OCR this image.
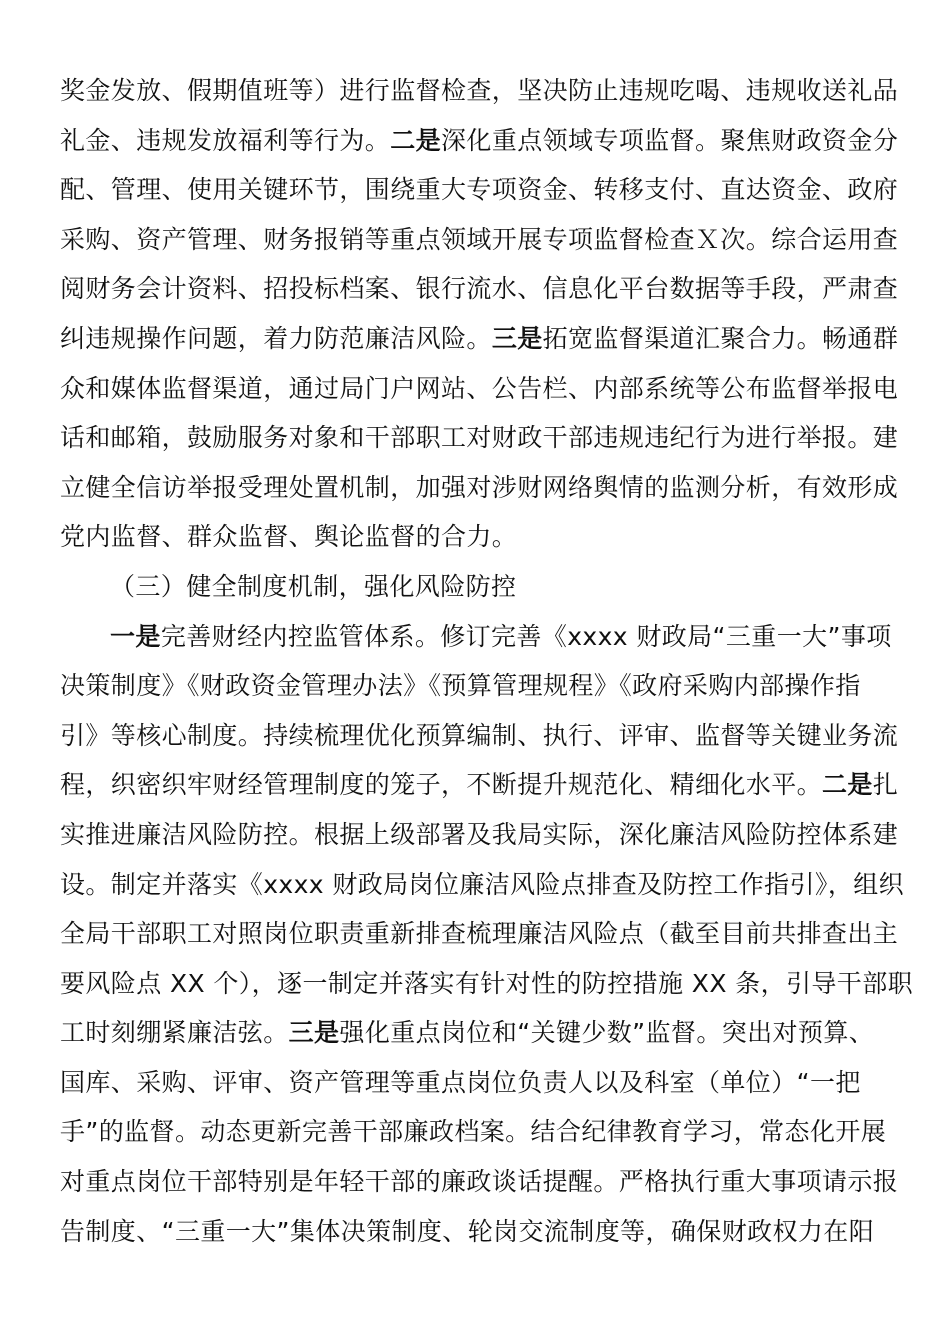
奖金发放、假期值班等）进行监督检查，坚决防止违规吃喝、违规收送礼品
礼金、违规发放福利等行为。二是深化重点领域专项监督。聚焦财政资金分
配、管理、使用关键环节，围绕重大专项资金、转移支付、直达资金、政府
采购、资产管理、财务报销等重点领域开展专项监督检查Ｘ次。综合运用查
阅财务会计资料、招投标档案、银行流水、信息化平台数据等手段，严肃查
纠违规操作问题，着力防范廉洁风险。三是拓宽监督渠道汇聚合力。畅通群
众和媒体监督渠道，通过局门户网站、公告栏、内部系统等公布监督举报电
话和邮箱，鼓励服务对象和干部职工对财政干部违规违纪行为进行举报。建
立健全信访举报受理处置机制，加强对涉财网络舆情的监测分析，有效形成
党内监督、群众监督、舆论监督的合力。
（三）健全制度机制，强化风险防控
一是完善财经内控监管体系。修订完善《xxxx 财政局“三重一大”事项
决策制度》《财政资金管理办法》《预算管理规程》《政府采购内部操作指
引》等核心制度。持续梳理优化预算编制、执行、评审、监督等关键业务流
程，织密织牢财经管理制度的笼子，不断提升规范化、精细化水平。二是扎
实推进廉洁风险防控。根据上级部署及我局实际，深化廉洁风险防控体系建
设。制定并落实《xxxx 财政局岗位廉洁风险点排查及防控工作指引》，组织
全局干部职工对照岗位职责重新排查梳理廉洁风险点（截至目前共排查出主
要风险点 XX 个），逐一制定并落实有针对性的防控措施 XX 条，引导干部职
工时刻绷紧廉洁弦。三是强化重点岗位和“关键少数”监督。突出对预算、
国库、采购、评审、资产管理等重点岗位负责人以及科室（单位）“一把
手”的监督。动态更新完善干部廉政档案。结合纪律教育学习，常态化开展
对重点岗位干部特别是年轻干部的廉政谈话提醒。严格执行重大事项请示报
告制度、“三重一大”集体决策制度、轮岗交流制度等，确保财政权力在阳
